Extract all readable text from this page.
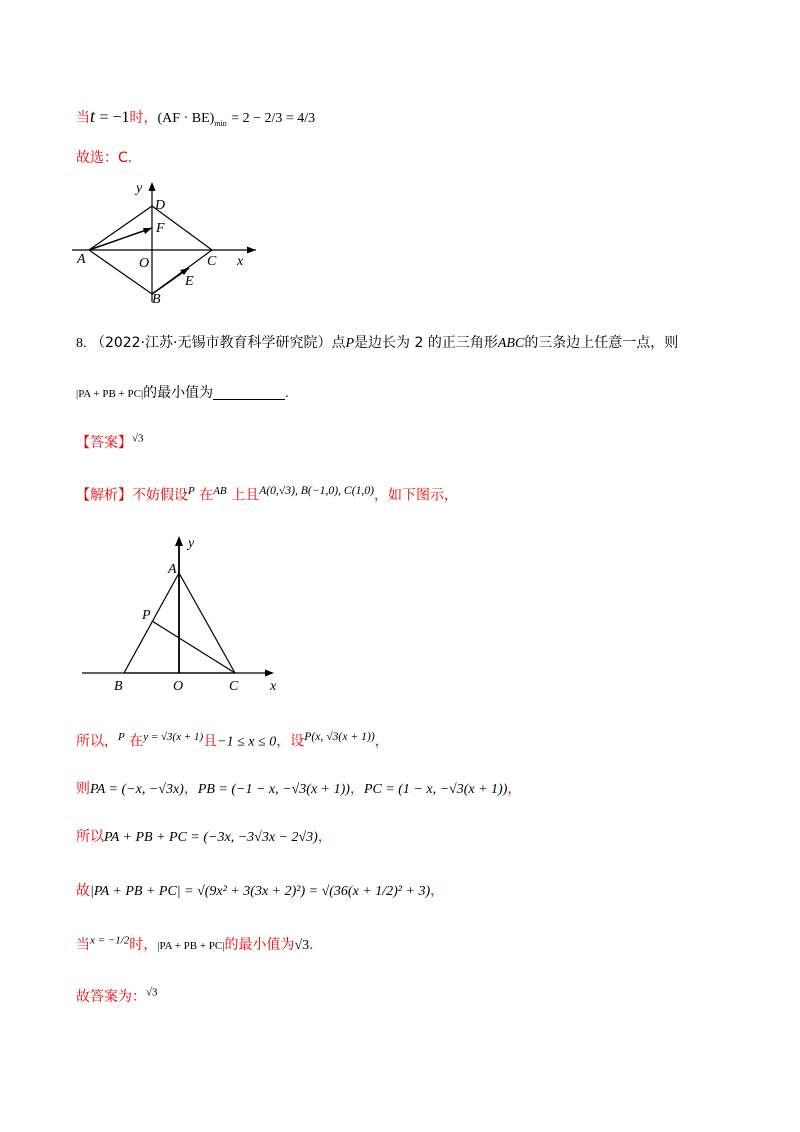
当t = −1时，$(AF \cdot BE)_{min} = 2 - 2/3 = 4/3$
故选：C.
y
D
F
A	O	C x
E
B
8. （2022·江苏·无锡市教育科学研究院）点P是边长为 2 的正三角形ABC的三条边上任意一点，则
|PA + PB + PC|的最小值为	.
【答案】$^{√3}$
【解析】不妨假设$^P$ 在$^{AB}$ 上且$^{A(0,√3), B(-1,0), C(1,0)}$，如下图示，
y
A
P
B	O	C x
所以，$^P$ 在$^{y = √3(x + 1)}$且−1 ≤ x ≤ 0，设$^{P(x, √3(x + 1))}$，
则PA = (−x, −√3x)，PB = (−1 − x, −√3(x + 1))，PC = (1 − x, −√3(x + 1))，
所以PA + PB + PC = (−3x, −3√3x − 2√3)，
故|PA + PB + PC| = √(9x² + 3(3x + 2)²) = √(36(x + 1/2)² + 3)，
当$^{x = -1/2}$时，|PA + PB + PC|的最小值为√3.
故答案为：$^{√3}$
